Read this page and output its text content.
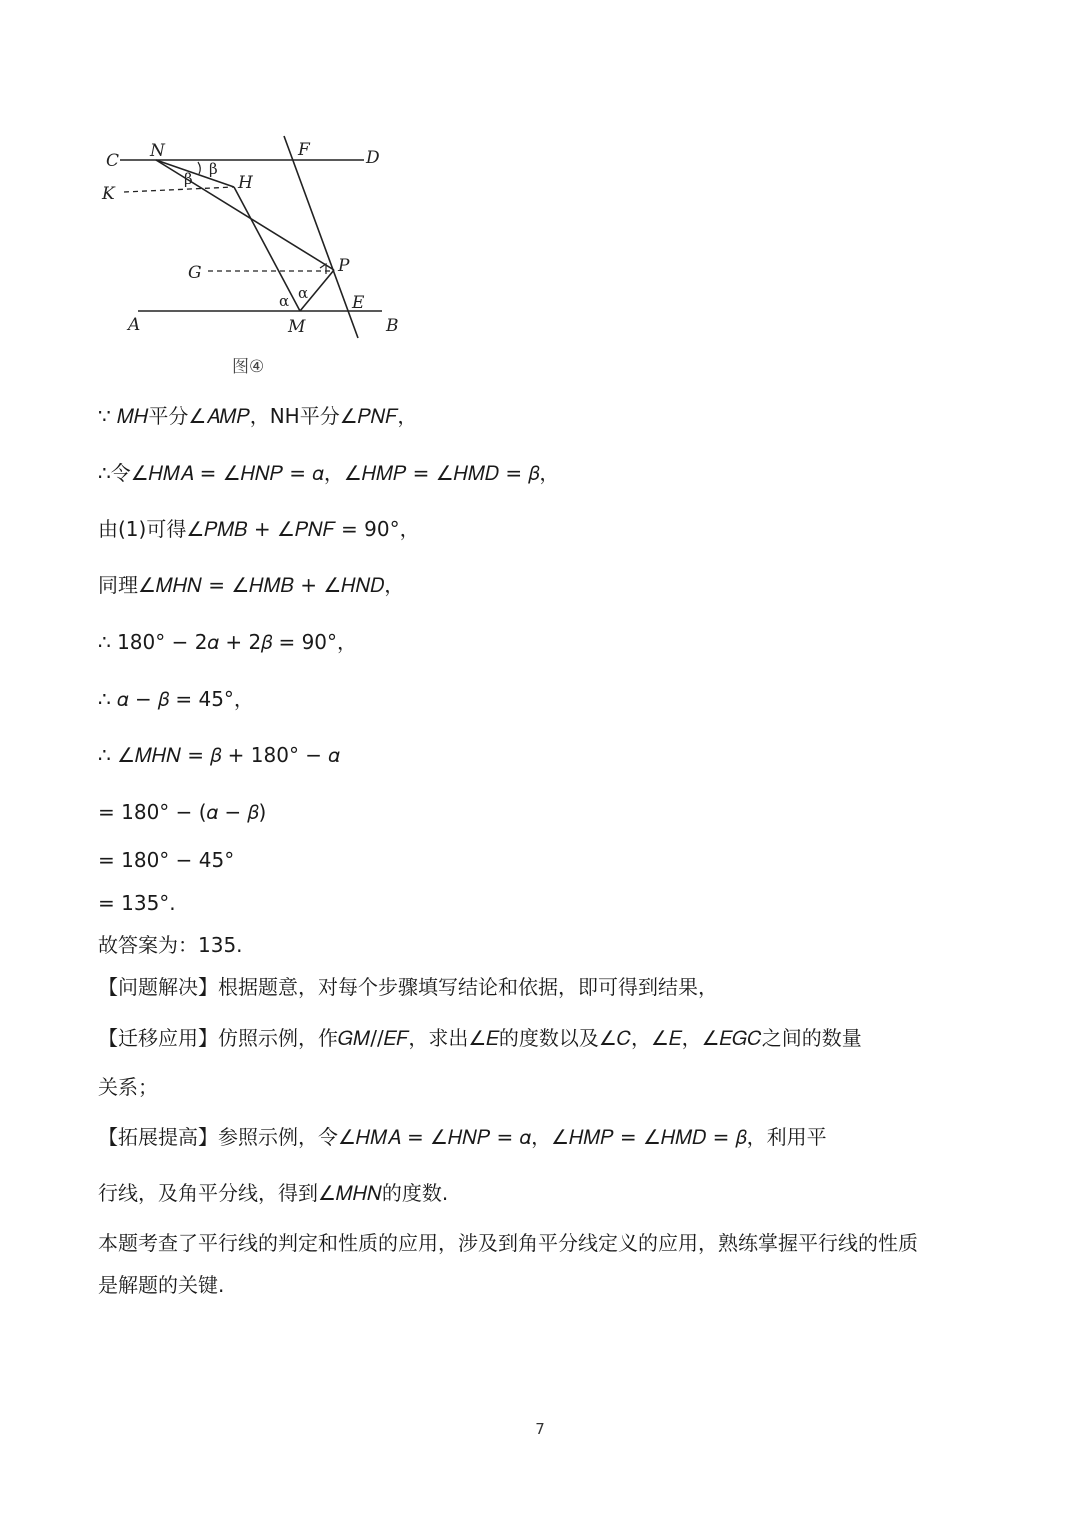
C N	F	D
K
H
G	P
A	M
E
B
β
β
α α
图④
∵ 𝑀𝐻平分∠𝐴𝑀𝑃，NH平分∠𝑃𝑁𝐹，
∴令∠𝐻𝑀𝐴 = ∠𝐻𝑁𝑃 = 𝛼，∠𝐻𝑀𝑃 = ∠𝐻𝑀𝐷 = 𝛽，
由(1)可得∠𝑃𝑀𝐵 + ∠𝑃𝑁𝐹 = 90°，
同理∠𝑀𝐻𝑁 = ∠𝐻𝑀𝐵 + ∠𝐻𝑁𝐷，
∴ 180° − 2𝛼 + 2𝛽 = 90°，
∴ 𝛼 − 𝛽 = 45°，
∴ ∠𝑀𝐻𝑁 = 𝛽 + 180° − 𝛼
= 180° − (𝛼 − 𝛽)
= 180° − 45°
= 135°.
故答案为：135.
【问题解决】根据题意，对每个步骤填写结论和依据，即可得到结果，
【迁移应用】仿照示例，作𝐺𝑀//𝐸𝐹，求出∠𝐸的度数以及∠𝐶，∠𝐸，∠𝐸𝐺𝐶之间的数量
关系；
【拓展提高】参照示例，令∠𝐻𝑀𝐴 = ∠𝐻𝑁𝑃 = 𝛼，∠𝐻𝑀𝑃 = ∠𝐻𝑀𝐷 = 𝛽，利用平
行线，及角平分线，得到∠𝑀𝐻𝑁的度数.
本题考查了平行线的判定和性质的应用，涉及到角平分线定义的应用，熟练掌握平行线的性质
是解题的关键.
7
